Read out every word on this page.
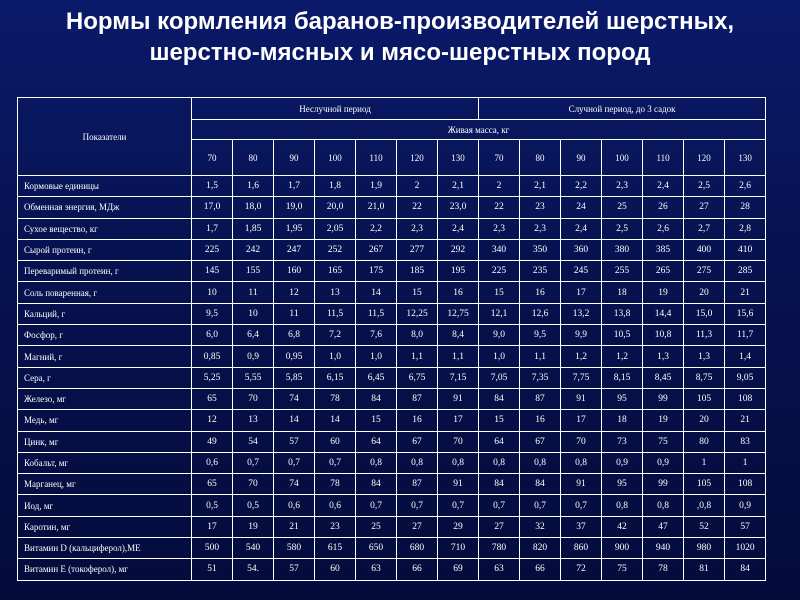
Нормы кормления баранов-производителей шерстных,
шерстно-мясных и мясо-шерстных пород
Показатели	Неслучной период							Случной период, до 3 садок						
	Живая масса, кг													
	70	80	90	100	110	120	130	70	80	90	100	110	120	130
Кормовые единицы	1,5	1,6	1,7	1,8	1,9	2	2,1	2	2,1	2,2	2,3	2,4	2,5	2,6
Обменная энергия, МДж	17,0	18,0	19,0	20,0	21,0	22	23,0	22	23	24	25	26	27	28
Сухое вещество, кг	1,7	1,85	1,95	2,05	2,2	2,3	2,4	2,3	2,3	2,4	2,5	2,6	2,7	2,8
Сырой протеин, г	225	242	247	252	267	277	292	340	350	360	380	385	400	410
Переваримый протеин, г	145	155	160	165	175	185	195	225	235	245	255	265	275	285
Соль поваренная, г	10	11	12	13	14	15	16	15	16	17	18	19	20	21
Кальций, г	9,5	10	11	11,5	11,5	12,25	12,75	12,1	12,6	13,2	13,8	14,4	15,0	15,6
Фосфор, г	6,0	6,4	6,8	7,2	7,6	8,0	8,4	9,0	9,5	9,9	10,5	10,8	11,3	11,7
Магний, г	0,85	0,9	0,95	1,0	1,0	1,1	1,1	1,0	1,1	1,2	1,2	1,3	1,3	1,4
Сера, г	5,25	5,55	5,85	6,15	6,45	6,75	7,15	7,05	7,35	7,75	8,15	8,45	8,75	9,05
Железо, мг	65	70	74	78	84	87	91	84	87	91	95	99	105	108
Медь, мг	12	13	14	14	15	16	17	15	16	17	18	19	20	21
Цинк, мг	49	54	57	60	64	67	70	64	67	70	73	75	80	83
Кобальт, мг	0,6	0,7	0,7	0,7	0,8	0,8	0,8	0,8	0,8	0,8	0,9	0,9	1	1
Марганец, мг	65	70	74	78	84	87	91	84	84	91	95	99	105	108
Иод, мг	0,5	0,5	0,6	0,6	0,7	0,7	0,7	0,7	0,7	0,7	0,8	0,8	,0,8	0,9
Каротин, мг	17	19	21	23	25	27	29	27	32	37	42	47	52	57
Витамин D (кальциферол),МЕ	500	540	580	615	650	680	710	780	820	860	900	940	980	1020
Витамин Е (токоферол), мг	51	54.	57	60	63	66	69	63	66	72	75	78	81	84
